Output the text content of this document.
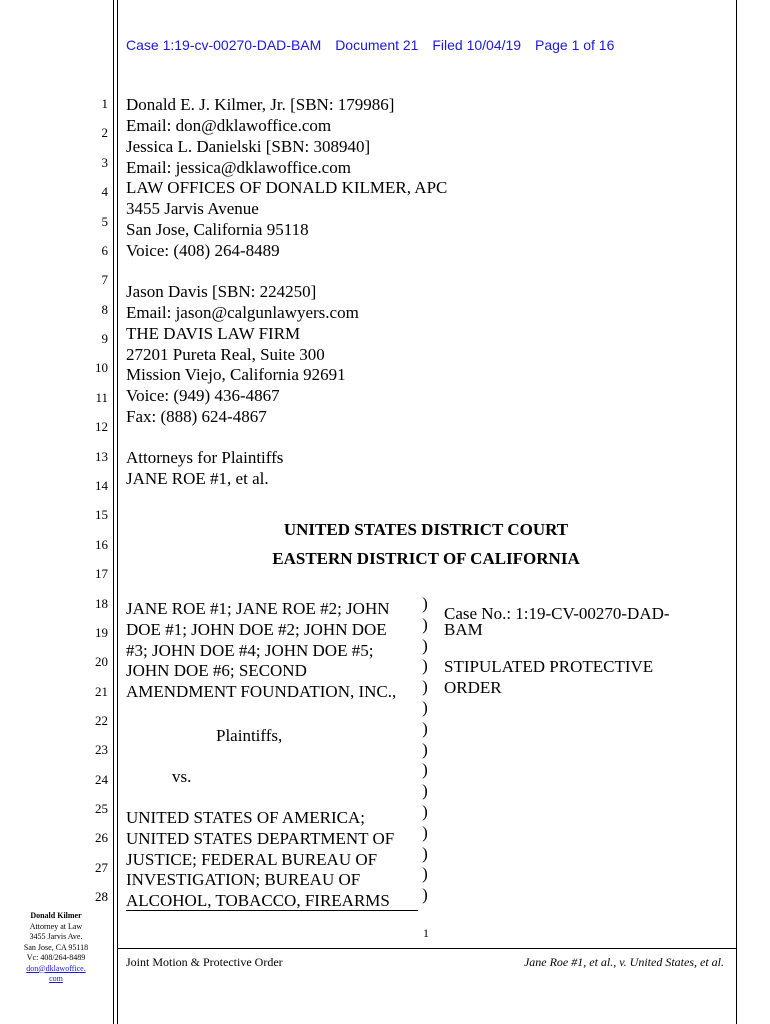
Case 1:19-cv-00270-DAD-BAM Document 21 Filed 10/04/19 Page 1 of 16
1
2
3
4
5
6
7
8
9
10
11
12
13
14
15
16
17
18
19
20
21
22
23
24
25
26
27
28
Donald E. J. Kilmer, Jr. [SBN: 179986]
Email: don@dklawoffice.com
Jessica L. Danielski [SBN: 308940]
Email: jessica@dklawoffice.com
LAW OFFICES OF DONALD KILMER, APC
3455 Jarvis Avenue
San Jose, California 95118
Voice: (408) 264-8489
Jason Davis [SBN: 224250]
Email: jason@calgunlawyers.com
THE DAVIS LAW FIRM
27201 Pureta Real, Suite 300
Mission Viejo, California 92691
Voice: (949) 436-4867
Fax: (888) 624-4867
Attorneys for Plaintiffs
JANE ROE #1, et al.
UNITED STATES DISTRICT COURT
EASTERN DISTRICT OF CALIFORNIA
JANE ROE #1; JANE ROE #2; JOHN
DOE #1; JOHN DOE #2; JOHN DOE
#3; JOHN DOE #4; JOHN DOE #5;
JOHN DOE #6; SECOND
AMENDMENT FOUNDATION, INC.,
Plaintiffs,
vs.
UNITED STATES OF AMERICA;
UNITED STATES DEPARTMENT OF
JUSTICE; FEDERAL BUREAU OF
INVESTIGATION; BUREAU OF
ALCOHOL, TOBACCO, FIREARMS
)
)
)
)
)
)
)
)
)
)
)
)
)
)
)
Case No.: 1:19-CV-00270-DAD-
BAM
STIPULATED PROTECTIVE
ORDER
1
Joint Motion & Protective Order	Jane Roe #1, et al., v. United States, et al.
Donald Kilmer
Attorney at Law
3455 Jarvis Ave.
San Jose, CA 95118
Vc: 408/264-8489
don@dklawoffice.
com
